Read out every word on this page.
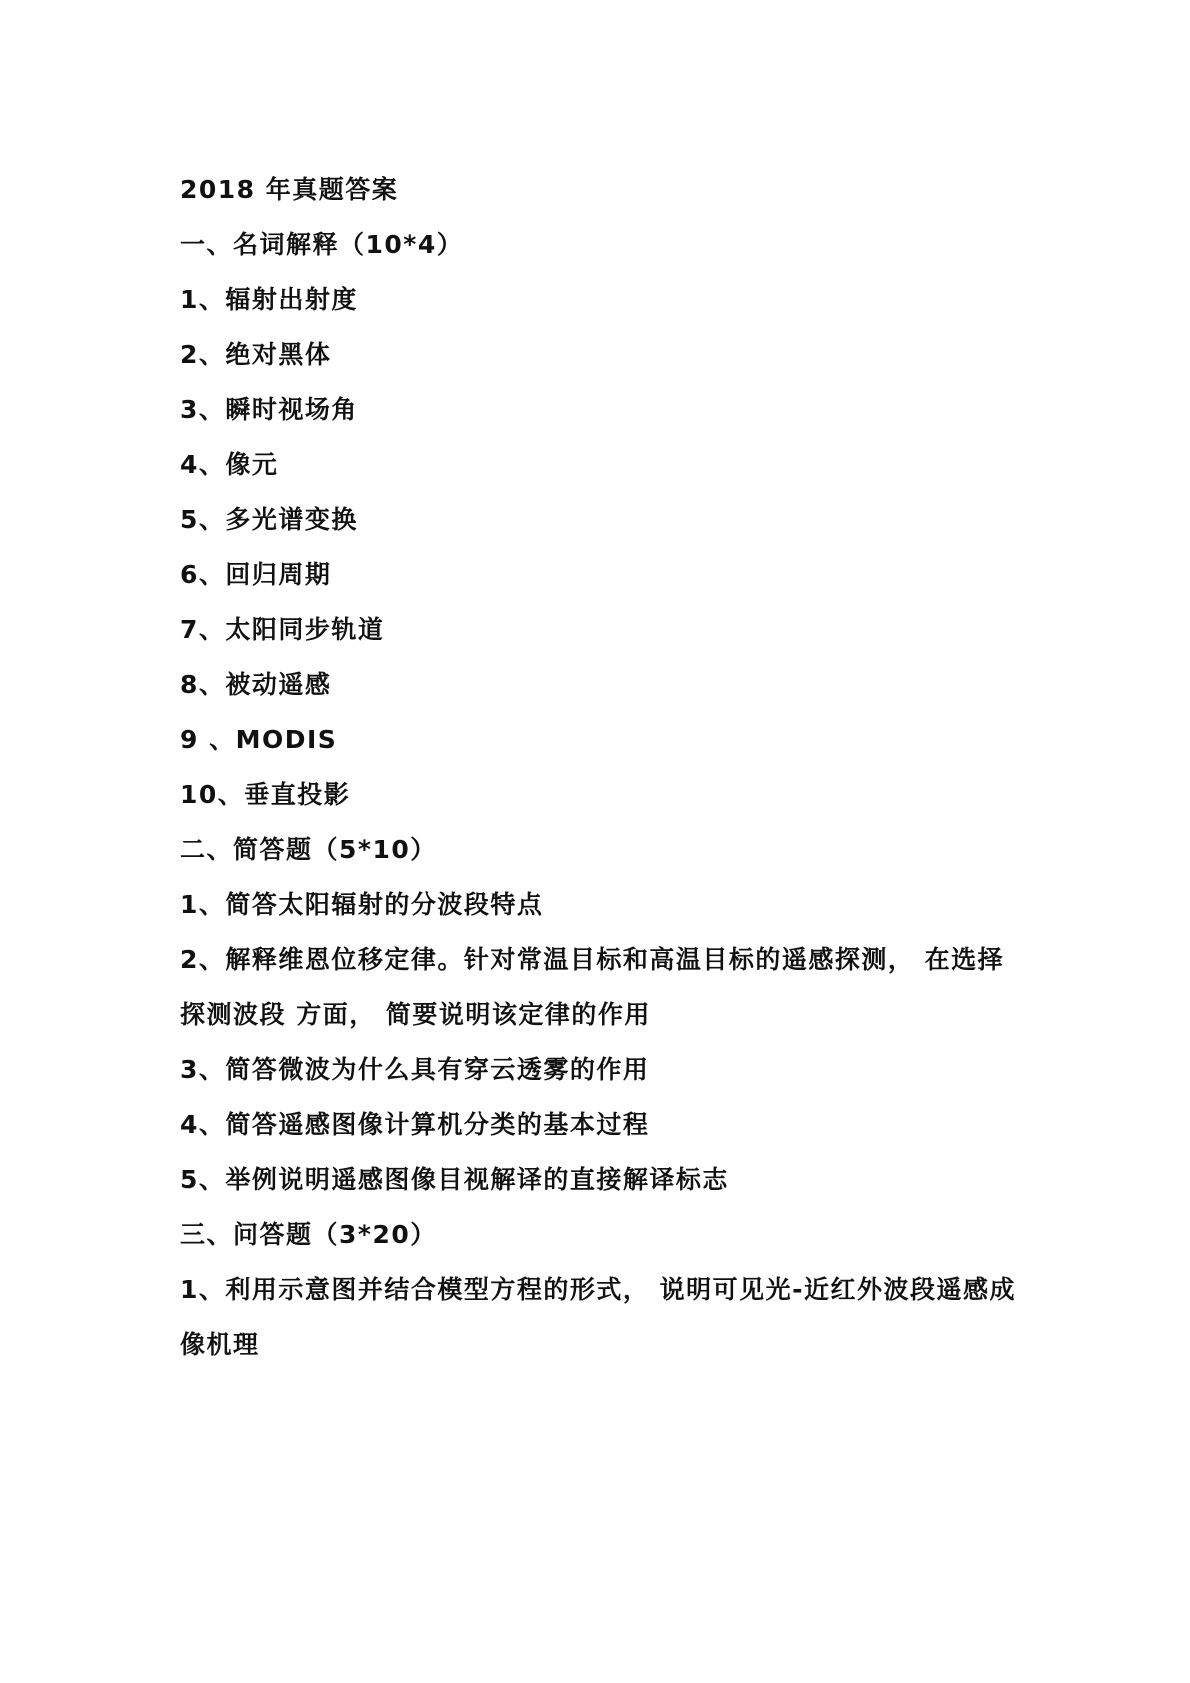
2018 年真题答案
一、名词解释（10*4）
1、辐射出射度
2、绝对黑体
3、瞬时视场角
4、像元
5、多光谱变换
6、回归周期
7、太阳同步轨道
8、被动遥感
9 、MODIS
10、垂直投影
二、简答题（5*10）
1、简答太阳辐射的分波段特点
2、解释维恩位移定律。针对常温目标和高温目标的遥感探测， 在选择探测波段 方面， 简要说明该定律的作用
3、简答微波为什么具有穿云透雾的作用
4、简答遥感图像计算机分类的基本过程
5、举例说明遥感图像目视解译的直接解译标志
三、问答题（3*20）
1、利用示意图并结合模型方程的形式， 说明可见光-近红外波段遥感成像机理
